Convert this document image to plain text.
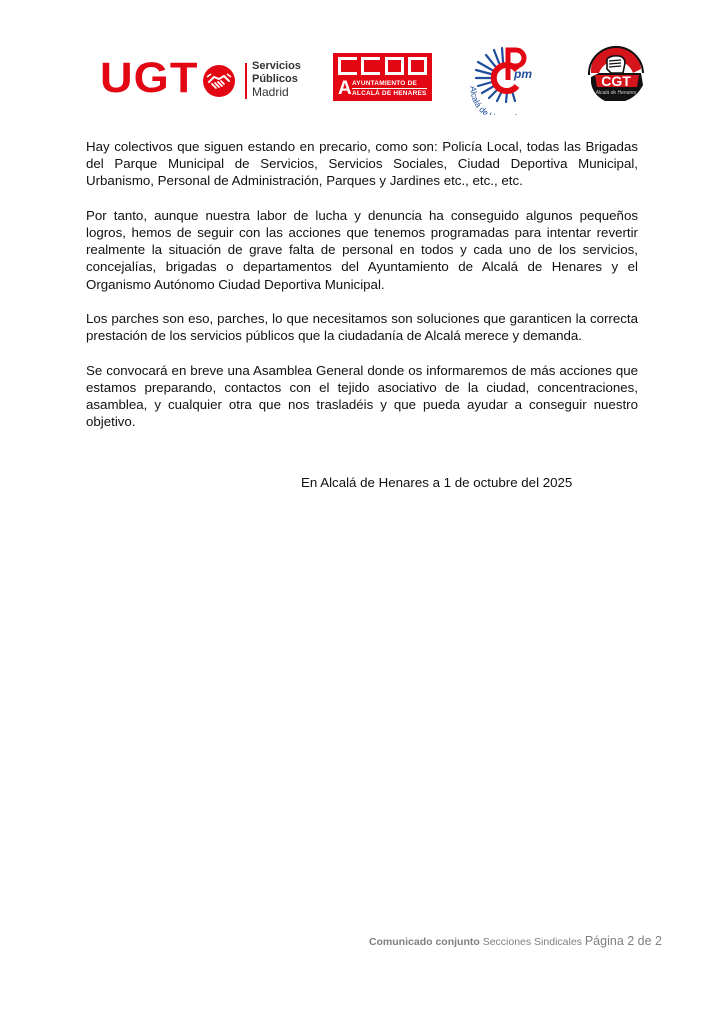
UGT	Servicios
Públicos
Madrid	A AYUNTAMIENTO DE
ALCALÁ DE HENARES
pm
Alcalá de
CGT
Alcalá de Henares

Hay colectivos que siguen estando en precario, como son: Policía Local, todas las Brigadas del Parque Municipal de Servicios, Servicios Sociales, Ciudad Deportiva Municipal, Urbanismo, Personal de Administración, Parques y Jardines etc., etc., etc.

Por tanto, aunque nuestra labor de lucha y denuncia ha conseguido algunos pequeños logros, hemos de seguir con las acciones que tenemos programadas para intentar revertir realmente la situación de grave falta de personal en todos y cada uno de los servicios, concejalías, brigadas o departamentos del Ayuntamiento de Alcalá de Henares y el Organismo Autónomo Ciudad Deportiva Municipal.

Los parches son eso, parches, lo que necesitamos son soluciones que garanticen la correcta prestación de los servicios públicos que la ciudadanía de Alcalá merece y demanda.

Se convocará en breve una Asamblea General donde os informaremos de más acciones que estamos preparando, contactos con el tejido asociativo de la ciudad, concentraciones, asamblea, y cualquier otra que nos trasladéis y que pueda ayudar a conseguir nuestro objetivo.

En Alcalá de Henares a 1 de octubre del 2025
Comunicado conjunto Secciones Sindicales Página 2 de 2
